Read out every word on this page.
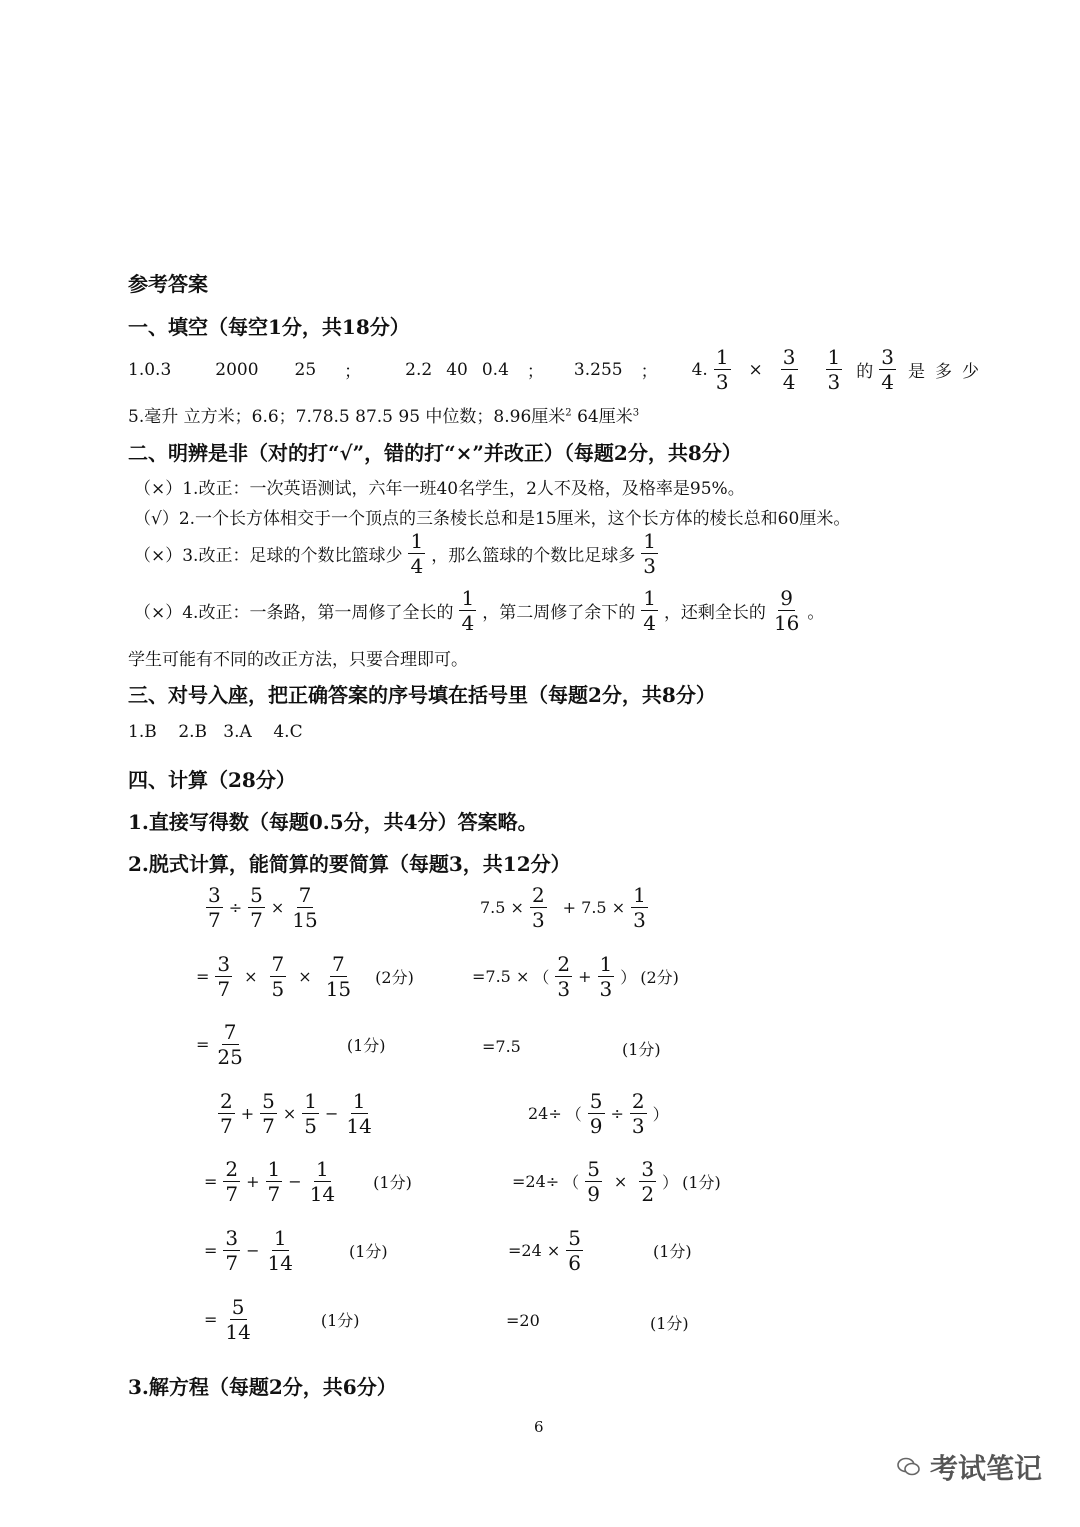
参考答案
一、填空（每空1分，共18分）
1.0.3	2000 25 ；	2.2 40 0.4 ； 3.255 ； 4. $\frac{1}{3} \times \frac{3}{4} \frac{1}{3}$ 的 $\frac{3}{4}$ 是多少
5.毫升 立方米；6.6；7.78.5 87.5 95 中位数；8.96厘米$^2$ 64厘米$^3$
二、明辨是非（对的打“√”，错的打“×”并改正）（每题2分，共8分）
（×）1.改正：一次英语测试，六年一班40名学生，2人不及格，及格率是95%。
（√）2.一个长方体相交于一个顶点的三条棱长总和是15厘米，这个长方体的棱长总和60厘米。
（×）3.改正：足球的个数比篮球少 $\frac{1}{4}$ ，那么篮球的个数比足球多 $\frac{1}{3}$
（×）4.改正：一条路，第一周修了全长的 $\frac{1}{4}$ ，第二周修了余下的 $\frac{1}{4}$ ，还剩全长的 $\frac{9}{16}$ 。
学生可能有不同的改正方法，只要合理即可。
三、对号入座，把正确答案的序号填在括号里（每题2分，共8分）
1.B    2.B   3.A    4.C
四、计算（28分）
1.直接写得数（每题0.5分，共4分）答案略。
2.脱式计算，能简算的要简算（每题3，共12分）
$\frac{3}{7} \div \frac{5}{7} \times \frac{7}{15}$
= $\frac{3}{7} \times \frac{7}{5} \times \frac{7}{15} (2$分)
= $\frac{7}{25}$	(1分)
$7.5 \times \frac{2}{3} + 7.5 \times \frac{1}{3}$
=7.5 × （ $\frac{2}{3} + \frac{1}{3}$ ） (2分)
=7.5	(1分)
$\frac{2}{7} + \frac{5}{7} \times \frac{1}{5} - \frac{1}{14}$
= $\frac{2}{7} + \frac{1}{7} - \frac{1}{14} (1$分)
= $\frac{3}{7} - \frac{1}{14}$	(1分)
= $\frac{5}{14}$	(1分)
24÷ （ $\frac{5}{9} \div \frac{2}{3}$ ）
=24÷ （ $\frac{5}{9} \times \frac{3}{2}$ ） (1分)
$=24 \times \frac{5}{6}$	(1分)
=20	(1分)
3.解方程（每题2分，共6分）
6
考试笔记
